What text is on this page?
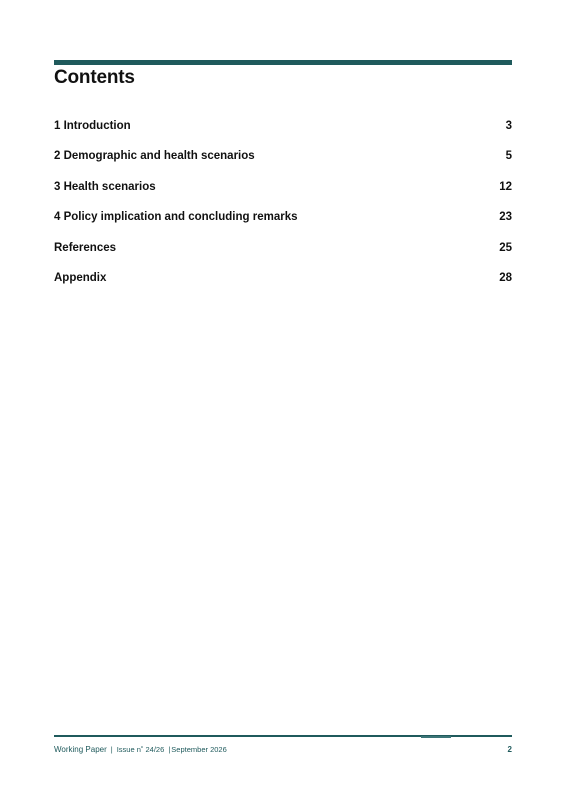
Contents
1 Introduction	3
2 Demographic and health scenarios	5
3 Health scenarios	12
4 Policy implication and concluding remarks	23
References	25
Appendix	28
Working Paper | Issue n˚ 24/26 |September 2026	2
